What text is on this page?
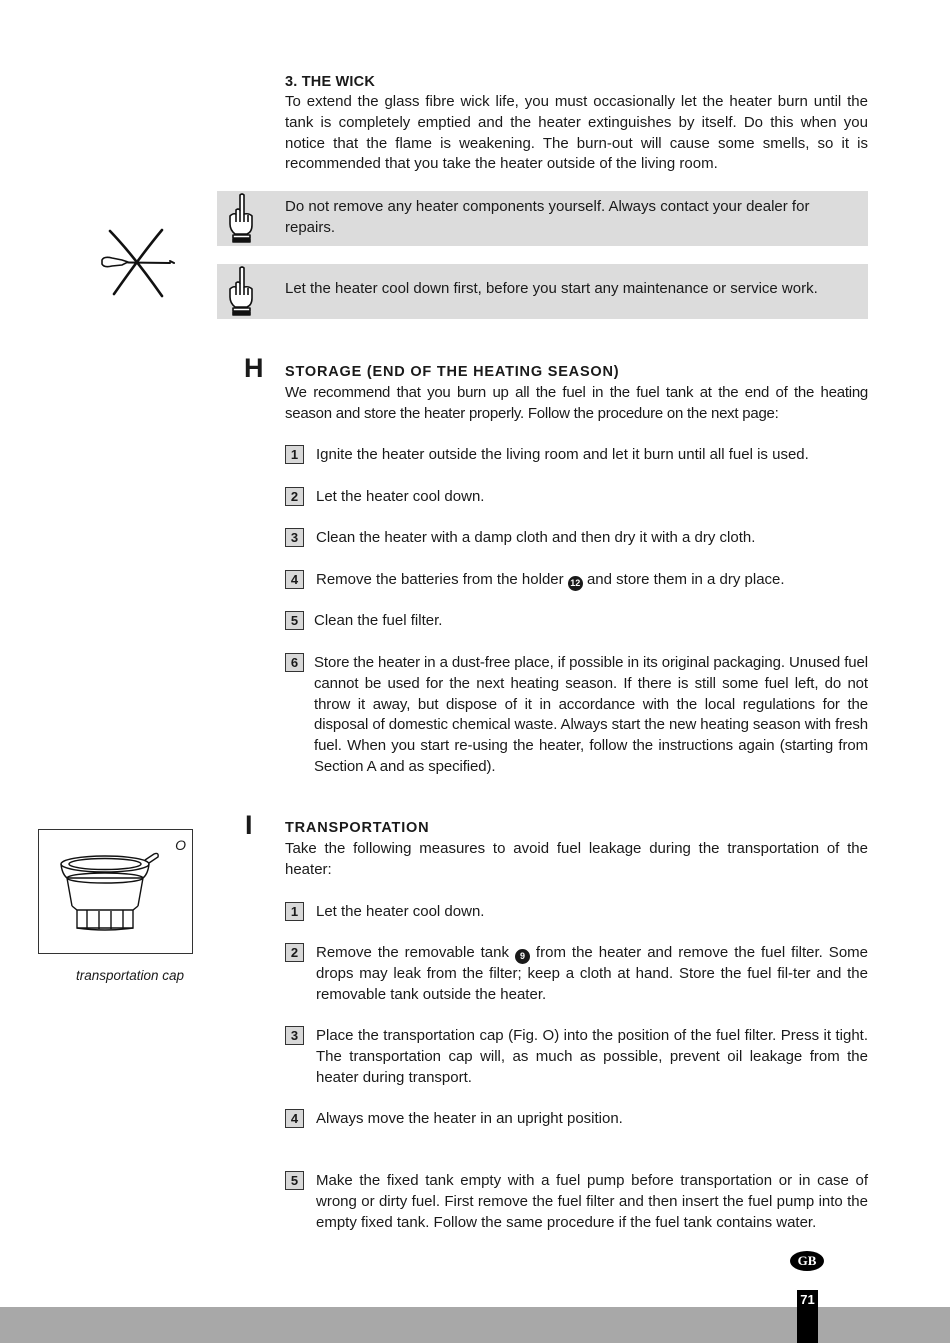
3. THE WICK
To extend the glass fibre wick life, you must occasionally let the heater burn until the tank is completely emptied and the heater extinguishes by itself. Do this when you notice that the flame is weakening. The burn-out will cause some smells, so it is recommended that you take the heater outside of the living room.
Do not remove any heater components yourself. Always contact your dealer for repairs.
Let the heater cool down first, before you start any maintenance or service work.
H STORAGE (END OF THE HEATING SEASON)
We recommend that you burn up all the fuel in the fuel tank at the end of the heating season and store the heater properly. Follow the procedure on the next page:
1	Ignite the heater outside the living room and let it burn until all fuel is used.
2	Let the heater cool down.
3	Clean the heater with a damp cloth and then dry it with a dry cloth.
4	Remove the batteries from the holder 12 and store them in a dry place.
5	Clean the fuel filter.
6	Store the heater in a dust-free place, if possible in its original packaging. Unused fuel cannot be used for the next heating season. If there is still some fuel left, do not throw it away, but dispose of it in accordance with the local regulations for the disposal of domestic chemical waste. Always start the new heating season with fresh fuel. When you start re-using the heater, follow the instructions again (starting from Section A and as specified).
O
transportation cap
I TRANSPORTATION
Take the following measures to avoid fuel leakage during the transportation of the heater:
1	Let the heater cool down.
2	Remove the removable tank 9 from the heater and remove the fuel filter. Some drops may leak from the filter; keep a cloth at hand. Store the fuel fil-ter and the removable tank outside the heater.
3	Place the transportation cap (Fig. O) into the position of the fuel filter. Press it tight. The transportation cap will, as much as possible, prevent oil leakage from the heater during transport.
4	Always move the heater in an upright position.
5	Make the fixed tank empty with a fuel pump before transportation or in case of wrong or dirty fuel. First remove the fuel filter and then insert the fuel pump into the empty fixed tank. Follow the same procedure if the fuel tank contains water.
GB
71
